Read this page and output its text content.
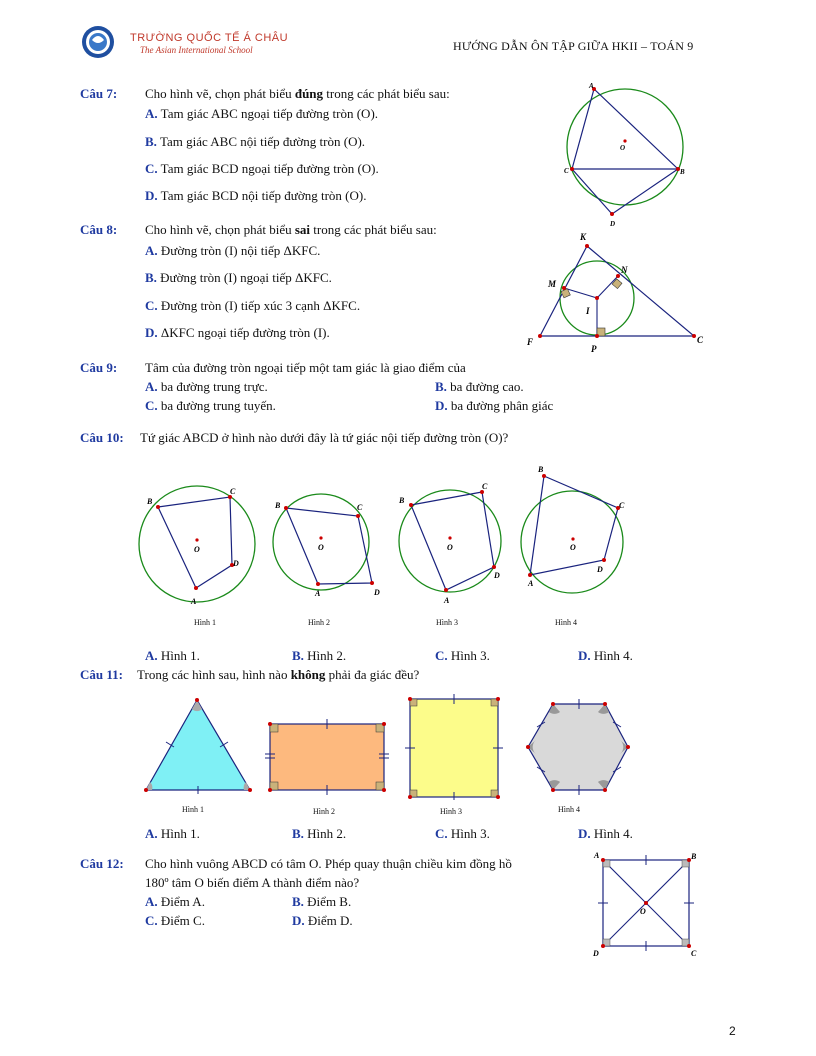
TRƯỜNG QUỐC TẾ Á CHÂU
The Asian International School	HƯỚNG DẪN ÔN TẬP GIỮA HKII – TOÁN 9
Câu 7: Cho hình vẽ, chọn phát biểu đúng trong các phát biểu sau:
A. Tam giác ABC ngoại tiếp đường tròn (O).
B. Tam giác ABC nội tiếp đường tròn (O).
C. Tam giác BCD ngoại tiếp đường tròn (O).
D. Tam giác BCD nội tiếp đường tròn (O).
A
C	B
D
O
Câu 8: Cho hình vẽ, chọn phát biểu sai trong các phát biểu sau:
A. Đường tròn (I) nội tiếp ΔKFC.
B. Đường tròn (I) ngoại tiếp ΔKFC.
C. Đường tròn (I) tiếp xúc 3 cạnh ΔKFC.
D. ΔKFC ngoại tiếp đường tròn (I).
K
M
N
I
F
P
C
Câu 9: Tâm của đường tròn ngoại tiếp một tam giác là giao điểm của
A. ba đường trung trực.	B. ba đường cao.
C. ba đường trung tuyến.	D. ba đường phân giác
Câu 10: Tứ giác ABCD ở hình nào dưới đây là tứ giác nội tiếp đường tròn (O)?
B
C
D
A
O
B	C
D
A
O
B
C
D
A
O
B
C
D
A
O
Hình 1	Hình 2	Hình 3	Hình 4
A. Hình 1.	B. Hình 2.	C. Hình 3.	D. Hình 4.
Câu 11: Trong các hình sau, hình nào không phải đa giác đều?
Hình 1	Hình 2	Hình 3	Hình 4
A. Hình 1.	B. Hình 2.	C. Hình 3.	D. Hình 4.
Câu 12: Cho hình vuông ABCD có tâm O. Phép quay thuận chiều kim đồng hồ
180º tâm O biến điểm A thành điểm nào?
A. Điểm A.	B. Điểm B.
C. Điểm C.	D. Điểm D.
A	B
C
D
O
2
